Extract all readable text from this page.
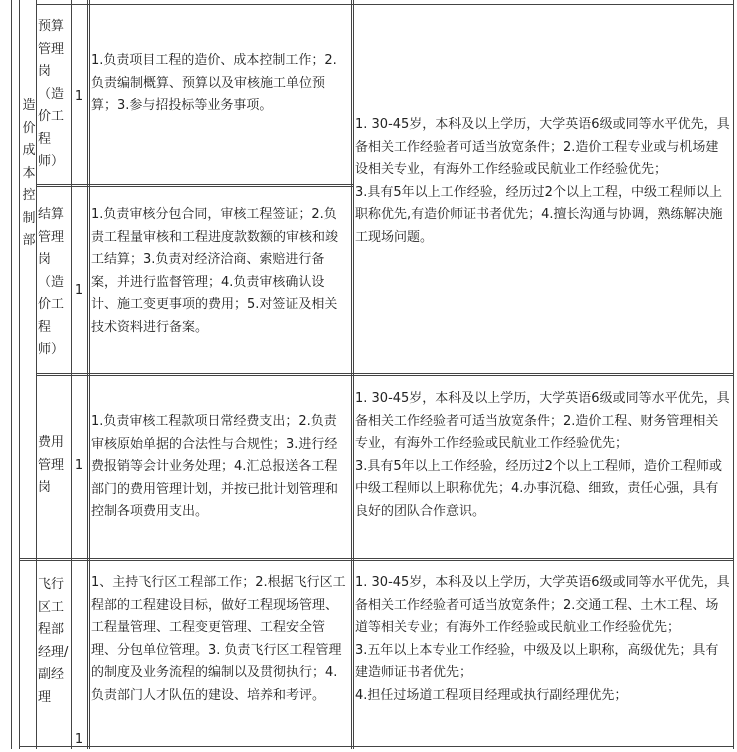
造价成本控制部
预算管理岗（造价工程师）
1
1.负责项目工程的造价、成本控制工作；2.负责编制概算、预算以及审核施工单位预算；3.参与招投标等业务事项。
1. 30-45岁，本科及以上学历，大学英语6级或同等水平优先，具备相关工作经验者可适当放宽条件；2.造价工程专业或与机场建设相关专业，有海外工作经验或民航业工作经验优先；
3.具有5年以上工作经验，经历过2个以上工程，中级工程师以上职称优先,有造价师证书者优先；4.擅长沟通与协调，熟练解决施工现场问题。
结算管理岗（造价工程师）
1
1.负责审核分包合同，审核工程签证；2.负责工程量审核和工程进度款数额的审核和竣工结算；3.负责对经济洽商、索赔进行备案，并进行监督管理；4.负责审核确认设计、施工变更事项的费用；5.对签证及相关技术资料进行备案。
费用管理岗
1
1.负责审核工程款项日常经费支出；2.负责审核原始单据的合法性与合规性；3.进行经费报销等会计业务处理；4.汇总报送各工程部门的费用管理计划，并按已批计划管理和控制各项费用支出。
1. 30-45岁，本科及以上学历，大学英语6级或同等水平优先，具备相关工作经验者可适当放宽条件；2.造价工程、财务管理相关专业，有海外工作经验或民航业工作经验优先；
3.具有5年以上工作经验，经历过2个以上工程师，造价工程师或中级工程师以上职称优先；4.办事沉稳、细致，责任心强，具有良好的团队合作意识。
飞行区工程部经理/副经理
1
1、主持飞行区工程部工作；2.根据飞行区工程部的工程建设目标，做好工程现场管理、工程量管理、工程变更管理、工程安全管理、分包单位管理。3. 负责飞行区工程管理的制度及业务流程的编制以及贯彻执行；4.负责部门人才队伍的建设、培养和考评。
1. 30-45岁，本科及以上学历，大学英语6级或同等水平优先，具备相关工作经验者可适当放宽条件；2.交通工程、土木工程、场道等相关专业；有海外工作经验或民航业工作经验优先；
3.五年以上本专业工作经验，中级及以上职称，高级优先；具有建造师证书者优先；
4.担任过场道工程项目经理或执行副经理优先；
